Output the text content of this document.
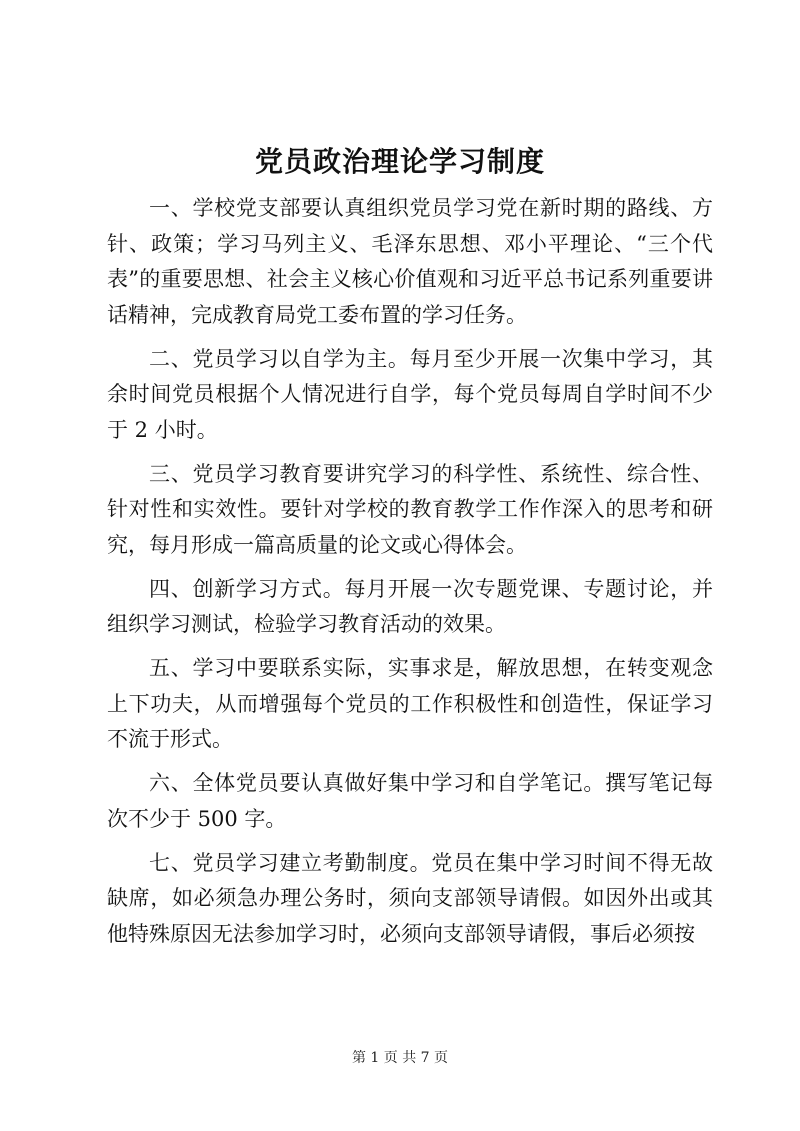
党员政治理论学习制度

一、学校党支部要认真组织党员学习党在新时期的路线、方针、政策；学习马列主义、毛泽东思想、邓小平理论、“三个代表”的重要思想、社会主义核心价值观和习近平总书记系列重要讲话精神，完成教育局党工委布置的学习任务。

二、党员学习以自学为主。每月至少开展一次集中学习，其余时间党员根据个人情况进行自学，每个党员每周自学时间不少于 2 小时。

三、党员学习教育要讲究学习的科学性、系统性、综合性、针对性和实效性。要针对学校的教育教学工作作深入的思考和研究，每月形成一篇高质量的论文或心得体会。

四、创新学习方式。每月开展一次专题党课、专题讨论，并组织学习测试，检验学习教育活动的效果。

五、学习中要联系实际，实事求是，解放思想，在转变观念上下功夫，从而增强每个党员的工作积极性和创造性，保证学习不流于形式。

六、全体党员要认真做好集中学习和自学笔记。撰写笔记每次不少于 500 字。

七、党员学习建立考勤制度。党员在集中学习时间不得无故缺席，如必须急办理公务时，须向支部领导请假。如因外出或其他特殊原因无法参加学习时，必须向支部领导请假，事后必须按

第 1 页 共 7 页
